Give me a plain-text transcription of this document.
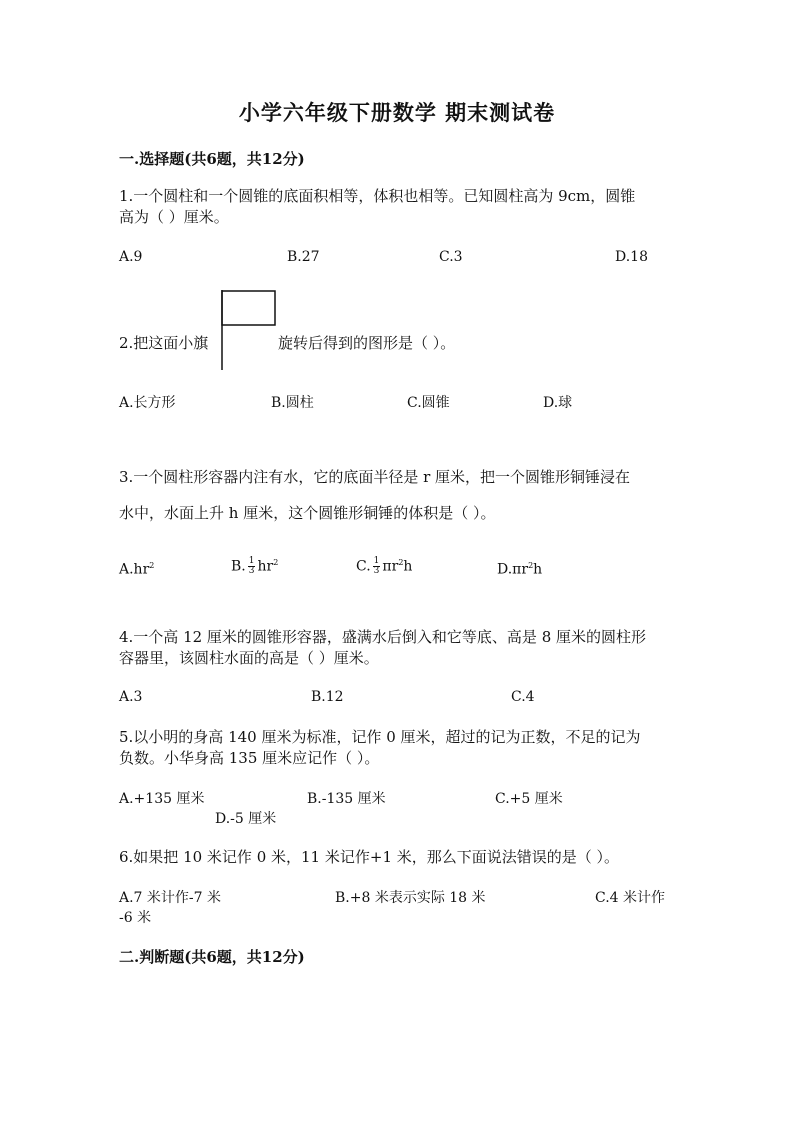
小学六年级下册数学 期末测试卷
一.选择题(共6题，共12分)
1.一个圆柱和一个圆锥的底面积相等，体积也相等。已知圆柱高为 9cm，圆锥
高为（ ）厘米。
A.9	B.27	C.3	D.18
2.把这面小旗	旋转后得到的图形是（ ）。
A.长方形	B.圆柱	C.圆锥	D.球
3.一个圆柱形容器内注有水，它的底面半径是 r 厘米，把一个圆锥形铜锤浸在
水中，水面上升 h 厘米，这个圆锥形铜锤的体积是（ ）。
$A.hr^2$	B. $\frac{1}{3} hr^2$	C. $\frac{1}{3} \pi r^2h$	$D.\pi r^2h$
4.一个高 12 厘米的圆锥形容器，盛满水后倒入和它等底、高是 8 厘米的圆柱形
容器里，该圆柱水面的高是（ ）厘米。
A.3	B.12	C.4
5.以小明的身高 140 厘米为标准，记作 0 厘米，超过的记为正数，不足的记为
负数。小华身高 135 厘米应记作（ ）。
A.+135 厘米	B.-135 厘米	C.+5 厘米
D.-5 厘米
6.如果把 10 米记作 0 米，11 米记作+1 米，那么下面说法错误的是（ ）。
A.7 米计作-7 米	B.+8 米表示实际 18 米	C.4 米计作
-6 米
二.判断题(共6题，共12分)
